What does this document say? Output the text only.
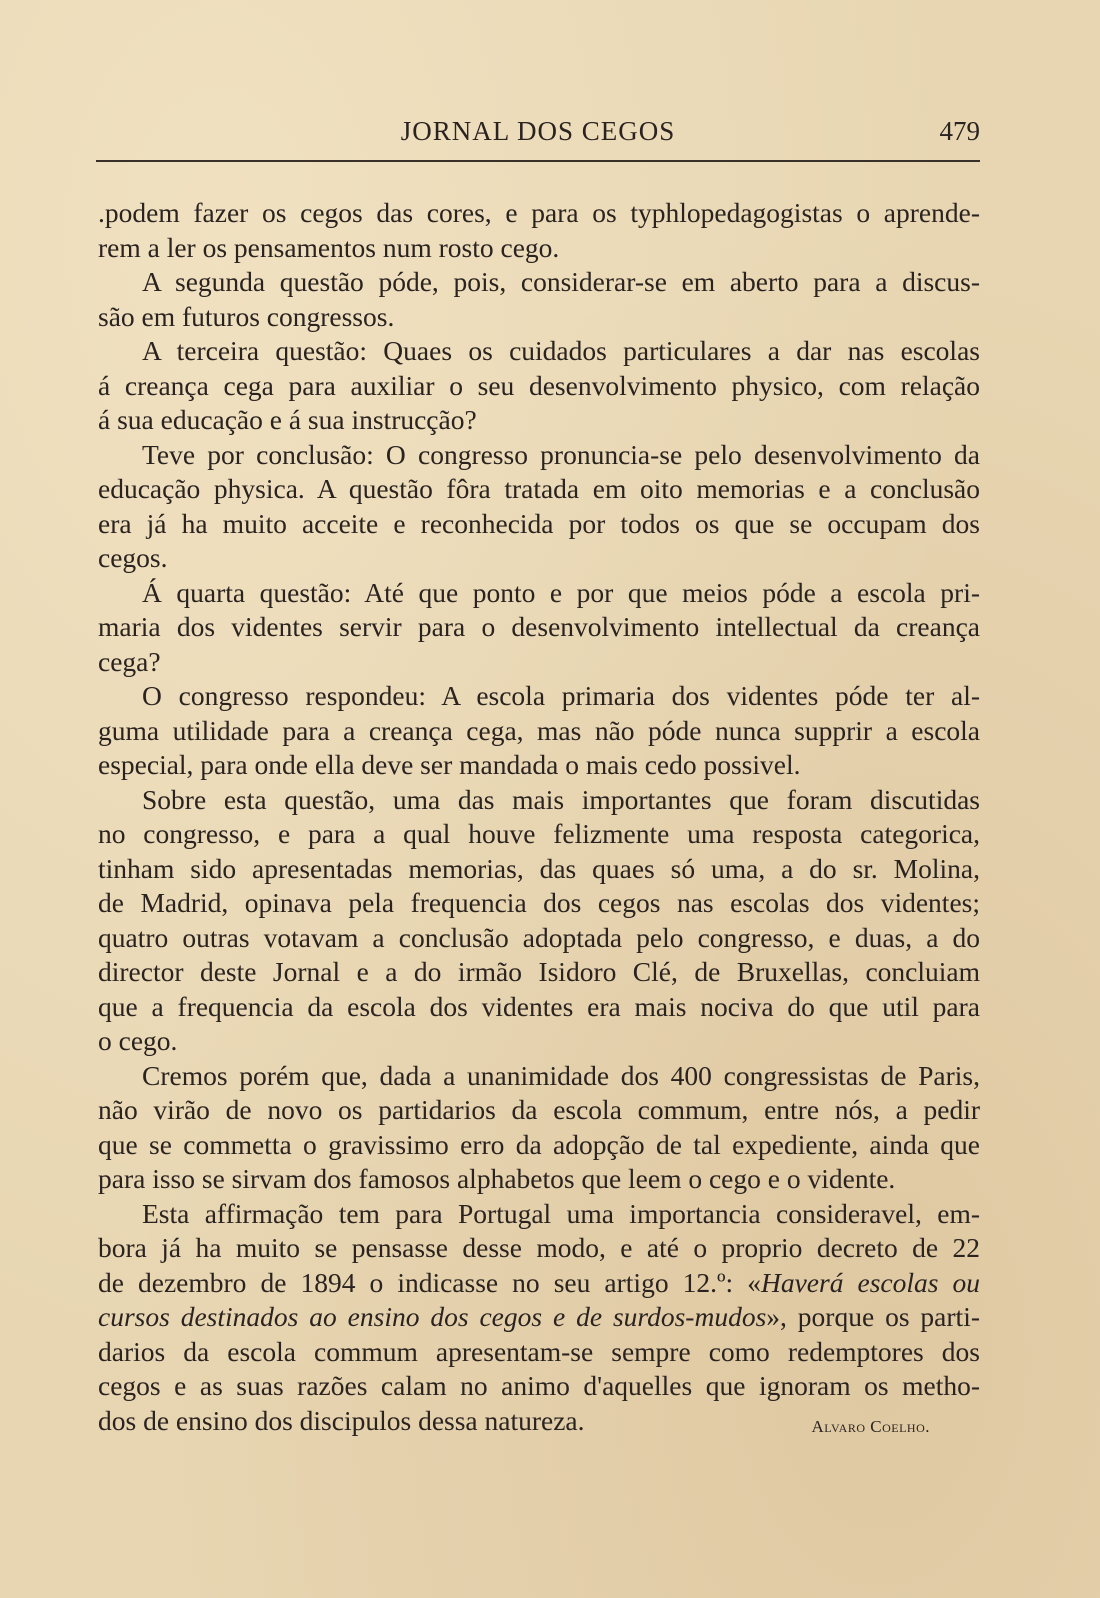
JORNAL DOS CEGOS	479
.podem fazer os cegos das cores, e para os typhlopedagogistas o aprende-
rem a ler os pensamentos num rosto cego.
A segunda questão póde, pois, considerar-se em aberto para a discus-
são em futuros congressos.
A terceira questão: Quaes os cuidados particulares a dar nas escolas
á creança cega para auxiliar o seu desenvolvimento physico, com relação
á sua educação e á sua instrucção?
Teve por conclusão: O congresso pronuncia-se pelo desenvolvimento da
educação physica. A questão fôra tratada em oito memorias e a conclusão
era já ha muito acceite e reconhecida por todos os que se occupam dos
cegos.
Á quarta questão: Até que ponto e por que meios póde a escola pri-
maria dos videntes servir para o desenvolvimento intellectual da creança
cega?
O congresso respondeu: A escola primaria dos videntes póde ter al-
guma utilidade para a creança cega, mas não póde nunca supprir a escola
especial, para onde ella deve ser mandada o mais cedo possivel.
Sobre esta questão, uma das mais importantes que foram discutidas
no congresso, e para a qual houve felizmente uma resposta categorica,
tinham sido apresentadas memorias, das quaes só uma, a do sr. Molina,
de Madrid, opinava pela frequencia dos cegos nas escolas dos videntes;
quatro outras votavam a conclusão adoptada pelo congresso, e duas, a do
director deste Jornal e a do irmão Isidoro Clé, de Bruxellas, concluiam
que a frequencia da escola dos videntes era mais nociva do que util para
o cego.
Cremos porém que, dada a unanimidade dos 400 congressistas de Paris,
não virão de novo os partidarios da escola commum, entre nós, a pedir
que se commetta o gravissimo erro da adopção de tal expediente, ainda que
para isso se sirvam dos famosos alphabetos que leem o cego e o vidente.
Esta affirmação tem para Portugal uma importancia consideravel, em-
bora já ha muito se pensasse desse modo, e até o proprio decreto de 22
de dezembro de 1894 o indicasse no seu artigo 12.º: «Haverá escolas ou
cursos destinados ao ensino dos cegos e de surdos-mudos», porque os parti-
darios da escola commum apresentam-se sempre como redemptores dos
cegos e as suas razões calam no animo d'aquelles que ignoram os metho-
dos de ensino dos discipulos dessa natureza.	Alvaro Coelho.
